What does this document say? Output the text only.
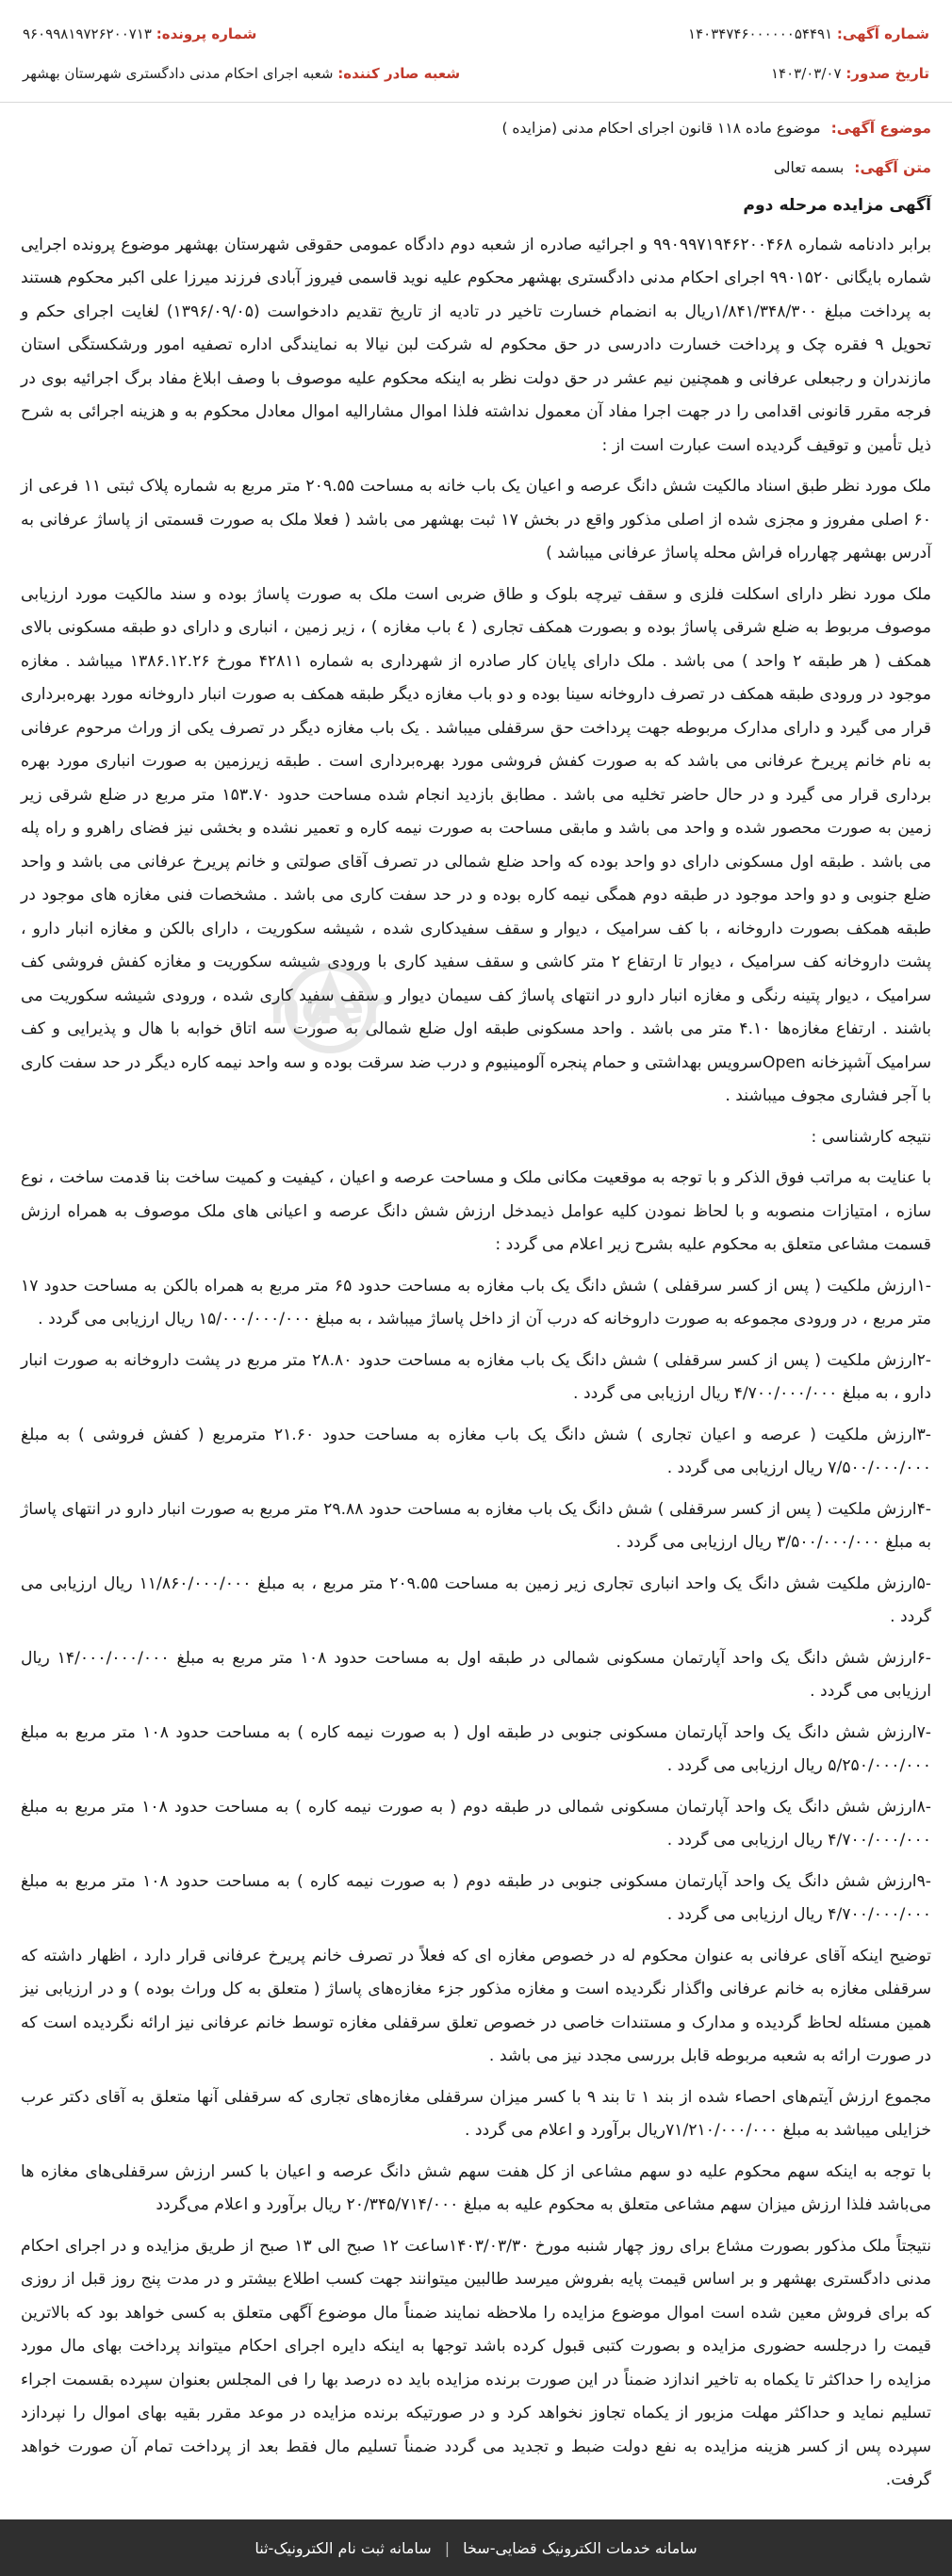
شماره آگهی: ۱۴۰۳۴۷۴۶۰۰۰۰۰۰۵۴۴۹۱
شماره پرونده: ۹۶۰۹۹۸۱۹۷۲۶۲۰۰۷۱۳
تاریخ صدور: ۱۴۰۳/۰۳/۰۷
شعبه صادر کننده: شعبه اجرای احکام مدنی دادگستری شهرستان بهشهر
موضوع آگهی: موضوع ماده ۱۱۸ قانون اجرای احکام مدنی (مزایده )
متن آگهی: بسمه تعالی

آگهی مزایده مرحله دوم

برابر دادنامه شماره ۹۹۰۹۹۷۱۹۴۶۲۰۰۴۶۸ و اجرائیه صادره از شعبه دوم دادگاه عمومی حقوقی شهرستان بهشهر موضوع پرونده اجرایی شماره بایگانی ۹۹۰۱۵۲۰ اجرای احکام مدنی دادگستری بهشهر محکوم علیه نوید قاسمی فیروز آبادی فرزند میرزا علی اکبر محکوم هستند به پرداخت مبلغ ۱/۸۴۱/۳۴۸/۳۰۰ریال به انضمام خسارت تاخیر در تادیه از تاریخ تقدیم دادخواست (۱۳۹۶/۰۹/۰۵) لغایت اجرای حکم و تحویل ۹ فقره چک و پرداخت خسارت دادرسی در حق محکوم له شرکت لبن نیالا به نمایندگی اداره تصفیه امور ورشکستگی استان مازندران و رجبعلی عرفانی و همچنین نیم عشر در حق دولت نظر به اینکه محکوم علیه موصوف با وصف ابلاغ مفاد برگ اجرائیه بوی در فرجه مقرر قانونی اقدامی را در جهت اجرا مفاد آن معمول نداشته فلذا اموال مشارالیه اموال معادل محکوم به و هزینه اجرائی به شرح ذیل تأمین و توقیف گردیده است عبارت است از :

ملک مورد نظر طبق اسناد مالکیت شش دانگ عرصه و اعیان یک باب خانه به مساحت ۲۰۹.۵۵ متر مربع به شماره پلاک ثبتی ۱۱ فرعی از ۶۰ اصلی مفروز و مجزی شده از اصلی مذکور واقع در بخش ۱۷ ثبت بهشهر می باشد ( فعلا ملک به صورت قسمتی از پاساژ عرفانی به آدرس بهشهر چهارراه فراش محله پاساژ عرفانی میباشد )

ملک مورد نظر دارای اسکلت فلزی و سقف تیرچه بلوک و طاق ضربی است ملک به صورت پاساژ بوده و سند مالکیت مورد ارزیابی موصوف مربوط به ضلع شرقی پاساژ بوده و بصورت همکف تجاری ( ٤ باب مغازه ) ، زیر زمین ، انباری و دارای دو طبقه مسکونی بالای همکف ( هر طبقه ۲ واحد ) می باشد . ملک دارای پایان کار صادره از شهرداری به شماره ۴۲۸۱۱ مورخ ۱۳۸۶.۱۲.۲۶ میباشد . مغازه موجود در ورودی طبقه همکف در تصرف داروخانه سینا بوده و دو باب مغازه دیگر طبقه همکف به صورت انبار داروخانه مورد بهره‌برداری قرار می گیرد و دارای مدارک مربوطه جهت پرداخت حق سرقفلی میباشد . یک باب مغازه دیگر در تصرف یکی از وراث مرحوم عرفانی به نام خانم پریرخ عرفانی می باشد که به صورت کفش فروشی مورد بهره‌برداری است . طبقه زیرزمین به صورت انباری مورد بهره برداری قرار می گیرد و در حال حاضر تخلیه می باشد . مطابق بازدید انجام شده مساحت حدود ۱۵۳.۷۰ متر مربع در ضلع شرقی زیر زمین به صورت محصور شده و واحد می باشد و مابقی مساحت به صورت نیمه کاره و تعمیر نشده و بخشی نیز فضای راهرو و راه پله می باشد . طبقه اول مسکونی دارای دو واحد بوده که واحد ضلع شمالی در تصرف آقای صولتی و خانم پریرخ عرفانی می باشد و واحد ضلع جنوبی و دو واحد موجود در طبقه دوم همگی نیمه کاره بوده و در حد سفت کاری می باشد . مشخصات فنی مغازه های موجود در طبقه همکف بصورت داروخانه ، با کف سرامیک ، دیوار و سقف سفیدکاری شده ، شیشه سکوریت ، دارای بالکن و مغازه انبار دارو ، پشت داروخانه کف سرامیک ، دیوار تا ارتفاع ۲ متر کاشی و سقف سفید کاری با ورودی شیشه سکوریت و مغازه کفش فروشی کف سرامیک ، دیوار پتینه رنگی و مغازه انبار دارو در انتهای پاساژ کف سیمان دیوار و سقف سفید کاری شده ، ورودی شیشه سکوریت می باشند . ارتفاع مغازه‌ها ۴.۱۰ متر می باشد . واحد مسکونی طبقه اول ضلع شمالی به صورت سه اتاق خوابه با هال و پذیرایی و کف سرامیک آشپزخانه Openسرویس بهداشتی و حمام پنجره آلومینیوم و درب ضد سرقت بوده و سه واحد نیمه کاره دیگر در حد سفت کاری با آجر فشاری مجوف میباشند .

نتیجه کارشناسی :

با عنایت به مراتب فوق الذکر و با توجه به موقعیت مکانی ملک و مساحت عرصه و اعیان ، کیفیت و کمیت ساخت بنا قدمت ساخت ، نوع سازه ، امتیازات منصوبه و با لحاظ نمودن کلیه عوامل ذیمدخل ارزش شش دانگ عرصه و اعیانی های ملک موصوف به همراه ارزش قسمت مشاعی متعلق به محکوم علیه بشرح زیر اعلام می گردد :

-۱ارزش ملکیت ( پس از کسر سرقفلی ) شش دانگ یک باب مغازه به مساحت حدود ۶۵ متر مربع به همراه بالکن به مساحت حدود ۱۷ متر مربع ، در ورودی مجموعه به صورت داروخانه که درب آن از داخل پاساژ میباشد ، به مبلغ ۱۵/۰۰۰/۰۰۰/۰۰۰ ریال ارزیابی می گردد .

-۲ارزش ملکیت ( پس از کسر سرقفلی ) شش دانگ یک باب مغازه به مساحت حدود ۲۸.۸۰ متر مربع در پشت داروخانه به صورت انبار دارو ، به مبلغ ۴/۷۰۰/۰۰۰/۰۰۰ ریال ارزیابی می گردد .

-۳ارزش ملکیت ( عرصه و اعیان تجاری ) شش دانگ یک باب مغازه به مساحت حدود ۲۱.۶۰ مترمربع ( کفش فروشی ) به مبلغ ۷/۵۰۰/۰۰۰/۰۰۰ ریال ارزیابی می گردد .

-۴ارزش ملکیت ( پس از کسر سرقفلی ) شش دانگ یک باب مغازه به مساحت حدود ۲۹.۸۸ متر مربع به صورت انبار دارو در انتهای پاساژ به مبلغ ۳/۵۰۰/۰۰۰/۰۰۰ ریال ارزیابی می گردد .

-۵ارزش ملکیت شش دانگ یک واحد انباری تجاری زیر زمین به مساحت ۲۰۹.۵۵ متر مربع ، به مبلغ ۱۱/۸۶۰/۰۰۰/۰۰۰ ریال ارزیابی می گردد .

-۶ارزش شش دانگ یک واحد آپارتمان مسکونی شمالی در طبقه اول به مساحت حدود ۱۰۸ متر مربع به مبلغ ۱۴/۰۰۰/۰۰۰/۰۰۰ ریال ارزیابی می گردد .

-۷ارزش شش دانگ یک واحد آپارتمان مسکونی جنوبی در طبقه اول ( به صورت نیمه کاره ) به مساحت حدود ۱۰۸ متر مربع به مبلغ ۵/۲۵۰/۰۰۰/۰۰۰ ریال ارزیابی می گردد .

-۸ارزش شش دانگ یک واحد آپارتمان مسکونی شمالی در طبقه دوم ( به صورت نیمه کاره ) به مساحت حدود ۱۰۸ متر مربع به مبلغ ۴/۷۰۰/۰۰۰/۰۰۰ ریال ارزیابی می گردد .

-۹ارزش شش دانگ یک واحد آپارتمان مسکونی جنوبی در طبقه دوم ( به صورت نیمه کاره ) به مساحت حدود ۱۰۸ متر مربع به مبلغ ۴/۷۰۰/۰۰۰/۰۰۰ ریال ارزیابی می گردد .

توضیح اینکه آقای عرفانی به عنوان محکوم له در خصوص مغازه ای که فعلاً در تصرف خانم پریرخ عرفانی قرار دارد ، اظهار داشته که سرقفلی مغازه به خانم عرفانی واگذار نگردیده است و مغازه مذکور جزء مغازه‌های پاساژ ( متعلق به کل وراث بوده ) و در ارزیابی نیز همین مسئله لحاظ گردیده و مدارک و مستندات خاصی در خصوص تعلق سرقفلی مغازه توسط خانم عرفانی نیز ارائه نگردیده است که در صورت ارائه به شعبه مربوطه قابل بررسی مجدد نیز می باشد .

مجموع ارزش آیتم‌های احصاء شده از بند ۱ تا بند ۹ با کسر میزان سرقفلی مغازه‌های تجاری که سرقفلی آنها متعلق به آقای دکتر عرب خزایلی میباشد به مبلغ ۷۱/۲۱۰/۰۰۰/۰۰۰ریال برآورد و اعلام می گردد .

با توجه به اینکه سهم محکوم علیه دو سهم مشاعی از کل هفت سهم شش دانگ عرصه و اعیان با کسر ارزش سرقفلی‌های مغازه ها می‌باشد فلذا ارزش میزان سهم مشاعی متعلق به محکوم علیه به مبلغ ۲۰/۳۴۵/۷۱۴/۰۰۰ ریال برآورد و اعلام می‌گردد

نتیجتاً ملک مذکور بصورت مشاع برای روز چهار شنبه مورخ ۱۴۰۳/۰۳/۳۰ساعت ۱۲ صبح الی ۱۳ صبح از طریق مزایده و در اجرای احکام مدنی دادگستری بهشهر و بر اساس قیمت پایه بفروش میرسد طالبین میتوانند جهت کسب اطلاع بیشتر و در مدت پنج روز قبل از روزی که برای فروش معین شده است اموال موضوع مزایده را ملاحظه نمایند ضمناً مال موضوع آگهی متعلق به کسی خواهد بود که بالاترین قیمت را درجلسه حضوری مزایده و بصورت کتبی قبول کرده باشد توجها به اینکه دایره اجرای احکام میتواند پرداخت بهای مال مورد مزایده را حداکثر تا یکماه به تاخیر اندازد ضمناً در این صورت برنده مزایده باید ده درصد بها را فی المجلس بعنوان سپرده بقسمت اجراء تسلیم نماید و حداکثر مهلت مزبور از یکماه تجاوز نخواهد کرد و در صورتیکه برنده مزایده در موعد مقرر بقیه بهای اموال را نپردازد سپرده پس از کسر هزینه مزایده به نفع دولت ضبط و تجدید می گردد ضمناً تسلیم مال فقط بعد از پرداخت تمام آن صورت خواهد گرفت.

nder
سامانه خدمات الکترونیک قضایی-سخا
|
سامانه ثبت نام الکترونیک-ثنا
